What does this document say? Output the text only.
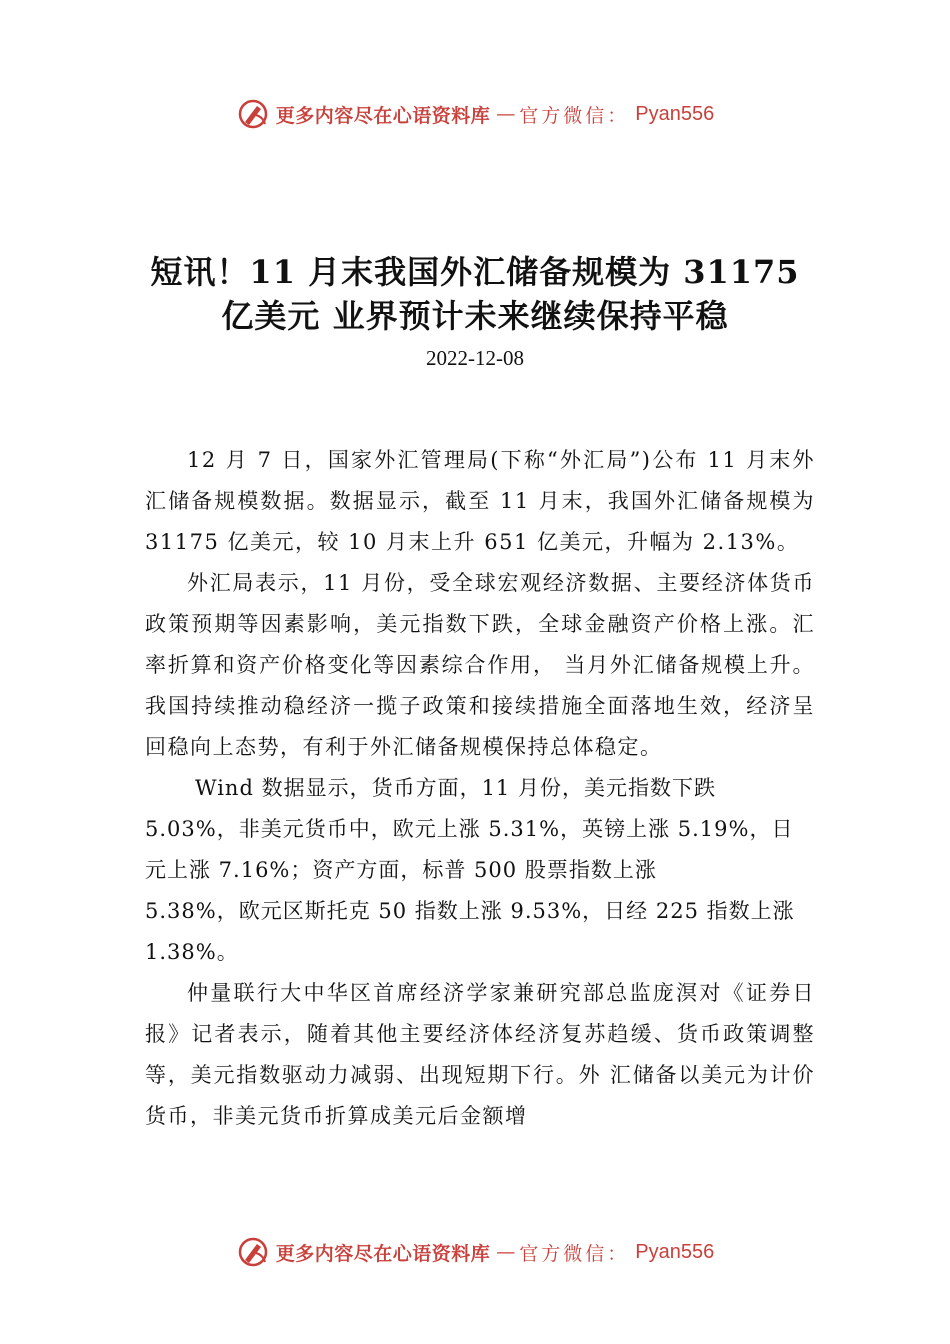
更多内容尽在心语资料库 — 官方微信： Pyan556
短讯！11 月末我国外汇储备规模为 31175
亿美元 业界预计未来继续保持平稳

2022-12-08

12 月 7 日，国家外汇管理局(下称“外汇局”)公布 11 月末外汇储备规模数据。数据显示，截至 11 月末，我国外汇储备规模为 31175 亿美元，较 10 月末上升 651 亿美元，升幅为 2.13%。

外汇局表示，11 月份，受全球宏观经济数据、主要经济体货币政策预期等因素影响，美元指数下跌，全球金融资产价格上涨。汇率折算和资产价格变化等因素综合作用， 当月外汇储备规模上升。我国持续推动稳经济一揽子政策和接续措施全面落地生效，经济呈回稳向上态势，有利于外汇储备规模保持总体稳定。

Wind 数据显示，货币方面，11 月份，美元指数下跌
5.03%，非美元货币中，欧元上涨 5.31%，英镑上涨 5.19%，日元上涨 7.16%；资产方面，标普 500 股票指数上涨
5.38%，欧元区斯托克 50 指数上涨 9.53%，日经 225 指数上涨
1.38%。

仲量联行大中华区首席经济学家兼研究部总监庞溟对《证券日报》记者表示，随着其他主要经济体经济复苏趋缓、货币政策调整等，美元指数驱动力减弱、出现短期下行。外 汇储备以美元为计价货币，非美元货币折算成美元后金额增

更多内容尽在心语资料库 — 官方微信： Pyan556
